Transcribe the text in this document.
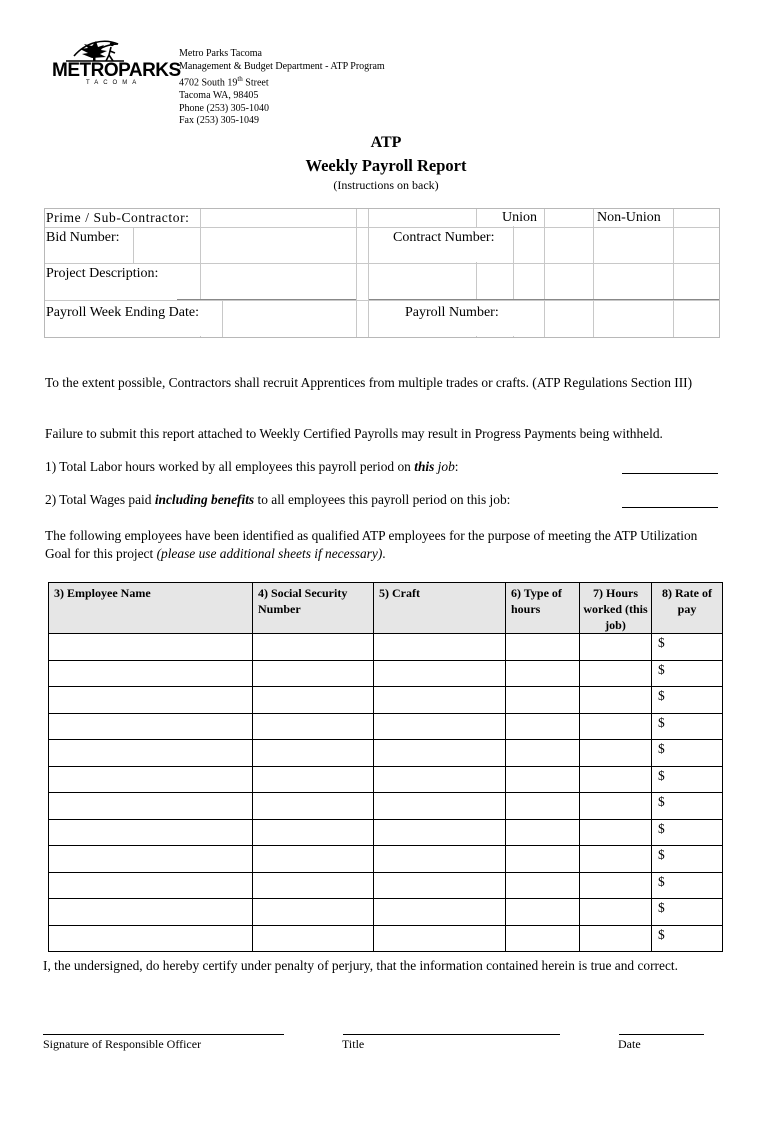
METROPARKS
TACOMA
Metro Parks Tacoma
Management & Budget Department - ATP Program
4702 South 19th Street
Tacoma WA, 98405
Phone (253) 305-1040
Fax (253) 305-1049
ATP
Weekly Payroll Report
(Instructions on back)
Prime / Sub-Contractor:	Union	Non-Union
Bid Number:	Contract Number:
Project Description:
Payroll Week Ending Date:	Payroll Number:
To the extent possible, Contractors shall recruit Apprentices from multiple trades or crafts. (ATP Regulations Section III)
Failure to submit this report attached to Weekly Certified Payrolls may result in Progress Payments being withheld.
1) Total Labor hours worked by all employees this payroll period on this job:
2) Total Wages paid including benefits to all employees this payroll period on this job:
The following employees have been identified as qualified ATP employees for the purpose of meeting the ATP Utilization Goal for this project (please use additional sheets if necessary).
3) Employee Name	4) Social Security Number	5) Craft	6) Type of hours	7) Hours worked (this job)	8) Rate of pay
					$
					$
					$
					$
					$
					$
					$
					$
					$
					$
					$
					$
I, the undersigned, do hereby certify under penalty of perjury, that the information contained herein is true and correct.
Signature of Responsible Officer	Title	Date
